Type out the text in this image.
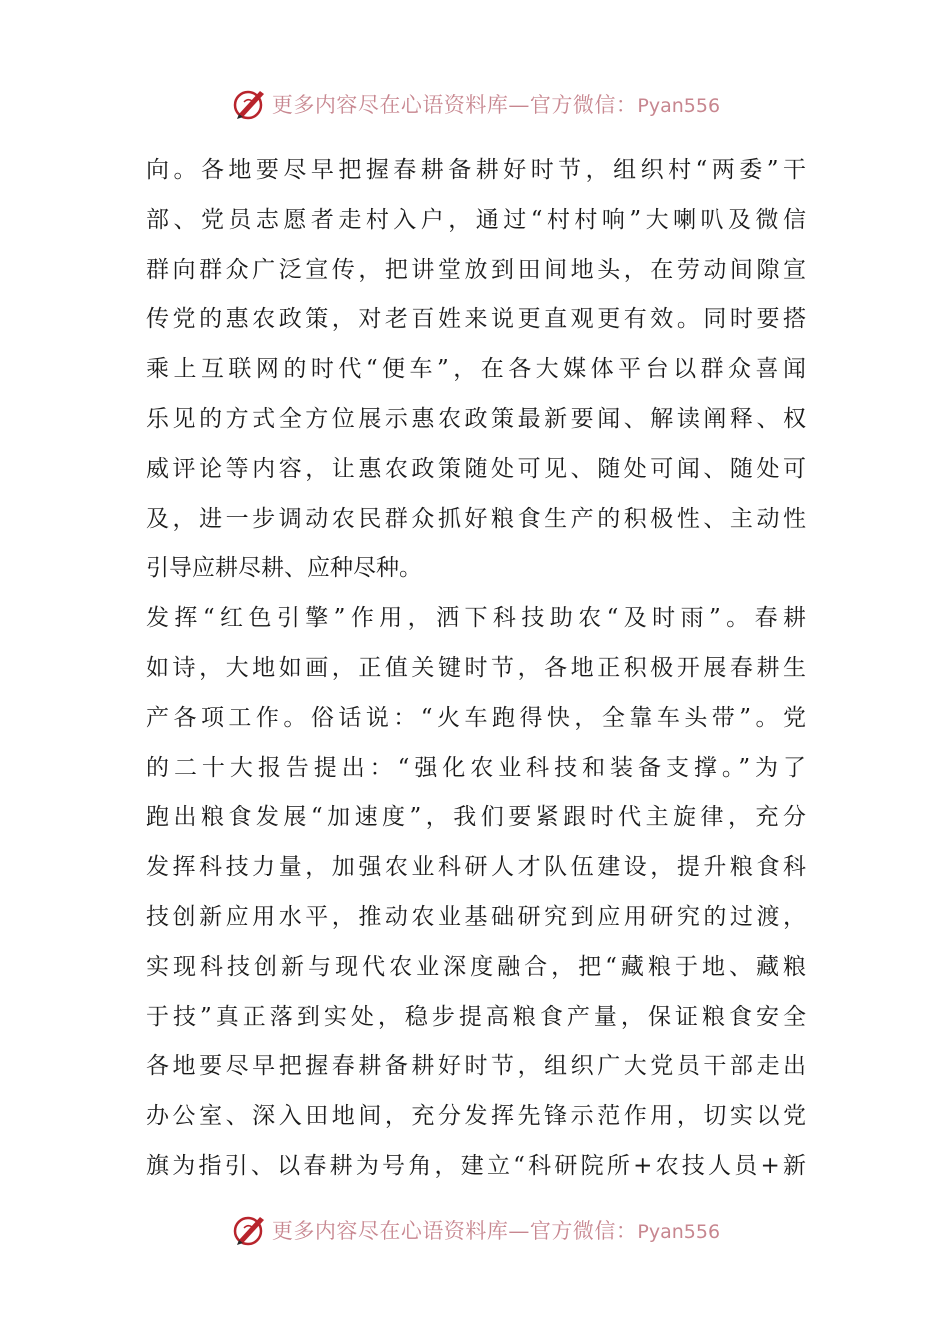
更多内容尽在心语资料库—官方微信：Pyan556
向。各地要尽早把握春耕备耕好时节，组织村“两委”干
部、党员志愿者走村入户，通过“村村响”大喇叭及微信
群向群众广泛宣传，把讲堂放到田间地头，在劳动间隙宣
传党的惠农政策，对老百姓来说更直观更有效。同时要搭
乘上互联网的时代“便车”，在各大媒体平台以群众喜闻
乐见的方式全方位展示惠农政策最新要闻、解读阐释、权
威评论等内容，让惠农政策随处可见、随处可闻、随处可
及，进一步调动农民群众抓好粮食生产的积极性、主动性
引导应耕尽耕、应种尽种。
发挥“红色引擎”作用，洒下科技助农“及时雨”。春耕
如诗，大地如画，正值关键时节，各地正积极开展春耕生
产各项工作。俗话说：“火车跑得快，全靠车头带”。党
的二十大报告提出：“强化农业科技和装备支撑。”为了
跑出粮食发展“加速度”，我们要紧跟时代主旋律，充分
发挥科技力量，加强农业科研人才队伍建设，提升粮食科
技创新应用水平，推动农业基础研究到应用研究的过渡，
实现科技创新与现代农业深度融合，把“藏粮于地、藏粮
于技”真正落到实处，稳步提高粮食产量，保证粮食安全
各地要尽早把握春耕备耕好时节，组织广大党员干部走出
办公室、深入田地间，充分发挥先锋示范作用，切实以党
旗为指引、以春耕为号角，建立“科研院所+农技人员+新
更多内容尽在心语资料库—官方微信：Pyan556
